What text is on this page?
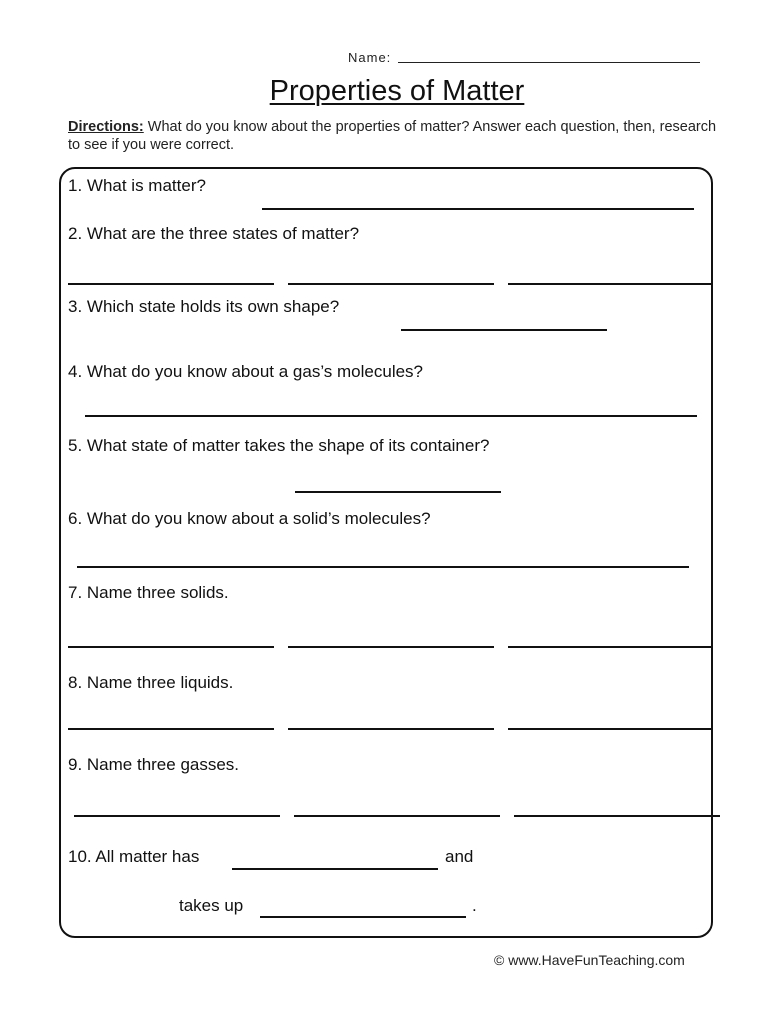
Name:
Properties of Matter
Directions: What do you know about the properties of matter? Answer each question, then, research to see if you were correct.
1. What is matter?
2. What are the three states of matter?
3. Which state holds its own shape?
4. What do you know about a gas’s molecules?
5. What state of matter takes the shape of its container?
6. What do you know about a solid’s molecules?
7. Name three solids.
8. Name three liquids.
9. Name three gasses.
10. All matter has	and
takes up	.
© www.HaveFunTeaching.com
